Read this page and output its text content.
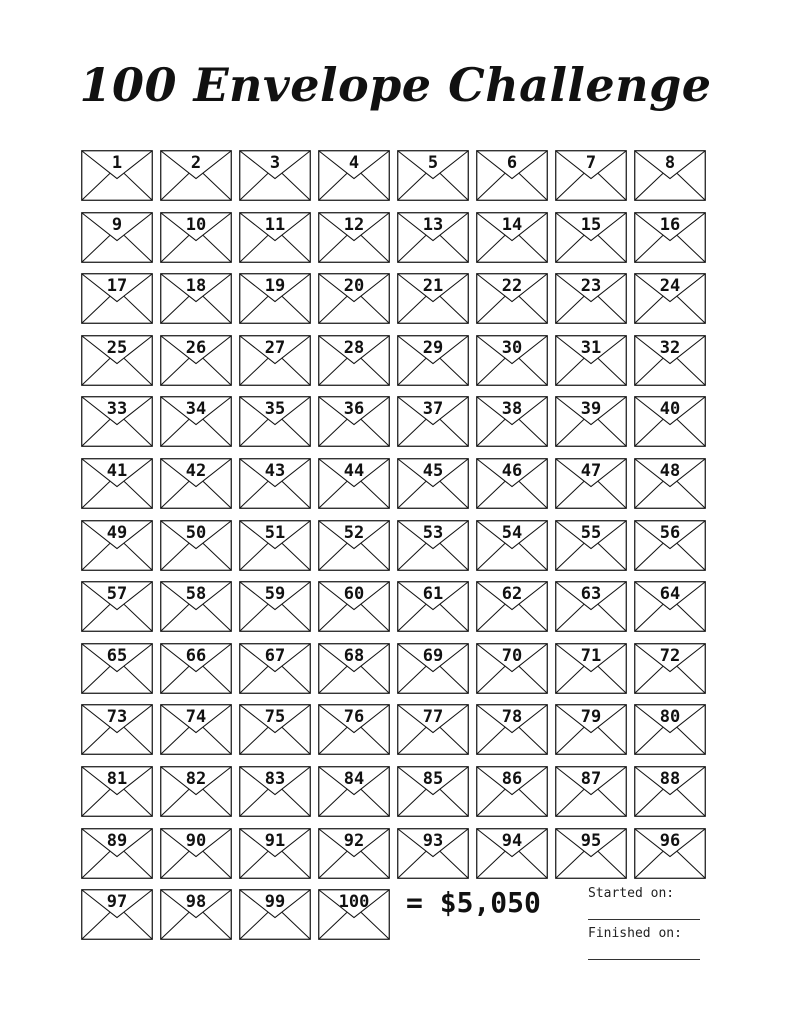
100 Envelope Challenge
1	2	3	4	5	6	7	8
9	10	11	12	13	14	15	16
17	18	19	20	21	22	23	24
25	26	27	28	29	30	31	32
33	34	35	36	37	38	39	40
41	42	43	44	45	46	47	48
49	50	51	52	53	54	55	56
57	58	59	60	61	62	63	64
65	66	67	68	69	70	71	72
73	74	75	76	77	78	79	80
81	82	83	84	85	86	87	88
89	90	91	92	93	94	95	96
97	98	99	100	= $5,050	Started on:
Finished on:
